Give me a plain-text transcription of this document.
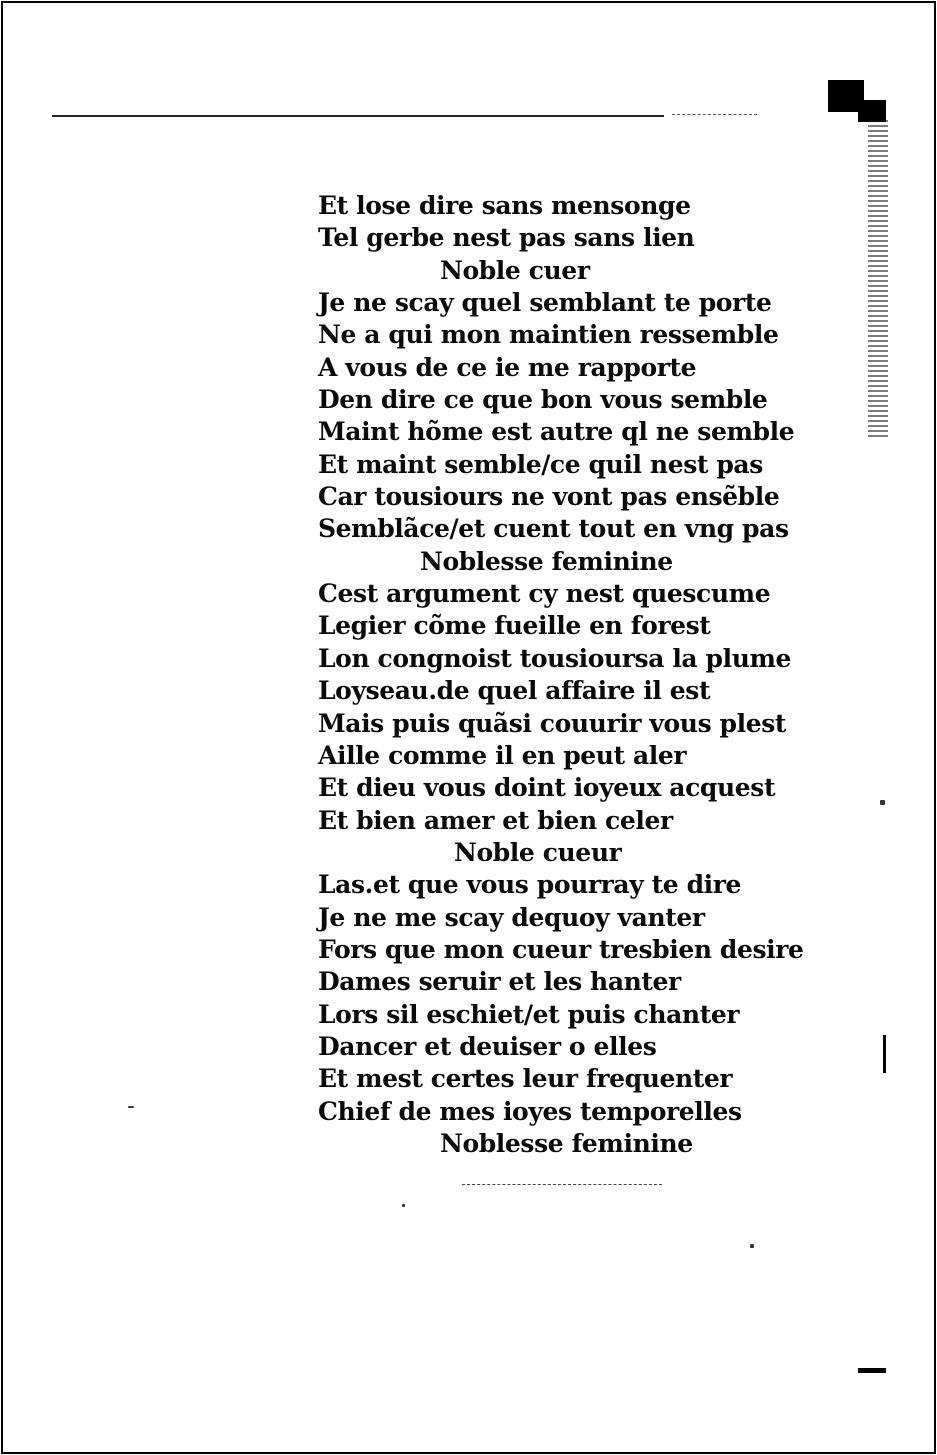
Et lose dire sans mensonge
Tel gerbe nest pas sans lien
Noble cuer
Je ne scay quel semblant te porte
Ne a qui mon maintien ressemble
A vous de ce ie me rapporte
Den dire ce que bon vous semble
Maint hõme est autre ql ne semble
Et maint semble/ce quil nest pas
Car tousiours ne vont pas ensẽble
Semblãce/et cuent tout en vng pas
Noblesse feminine
Cest argument cy nest quescume
Legier cõme fueille en forest
Lon congnoist tousioursa la plume
Loyseau.de quel affaire il est
Mais puis quãsi couurir vous plest
Aille comme il en peut aler
Et dieu vous doint ioyeux acquest
Et bien amer et bien celer
Noble cueur
Las.et que vous pourray te dire
Je ne me scay dequoy vanter
Fors que mon cueur tresbien desire
Dames seruir et les hanter
Lors sil eschiet/et puis chanter
Dancer et deuiser o elles
Et mest certes leur frequenter
Chief de mes ioyes temporelles
Noblesse feminine
